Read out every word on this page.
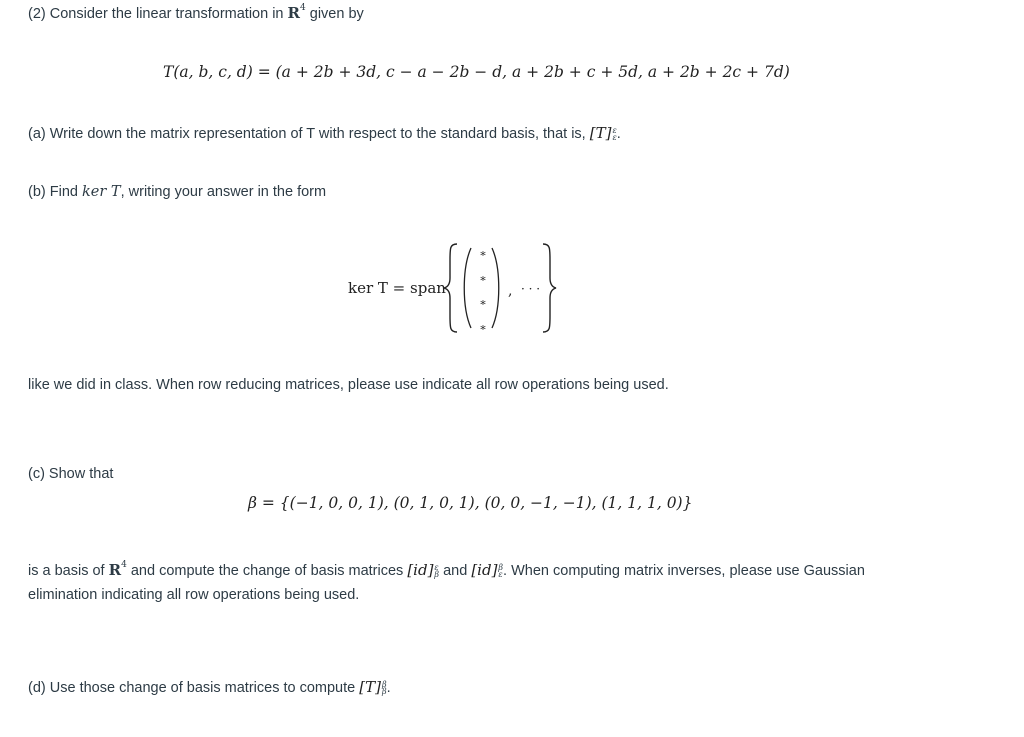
(2) Consider the linear transformation in $R^4$ given by
T(a, b, c, d) = (a + 2b + 3d, c − a − 2b − d, a + 2b + c + 5d, a + 2b + 2c + 7d)
(a) Write down the matrix representation of T with respect to the standard basis, that is, [T] ε
ε .
(b) Find ker T, writing your answer in the form
ker T = span
∗
∗
∗
∗
, · · ·
like we did in class. When row reducing matrices, please use indicate all row operations being used.
(c) Show that
β = {(−1, 0, 0, 1), (0, 1, 0, 1), (0, 0, −1, −1), (1, 1, 1, 0)}
is a basis of $R^4$ and compute the change of basis matrices [id] ε
β and [id] β
ε . When computing matrix inverses, please use Gaussian
elimination indicating all row operations being used.
(d) Use those change of basis matrices to compute [T] β
β .
